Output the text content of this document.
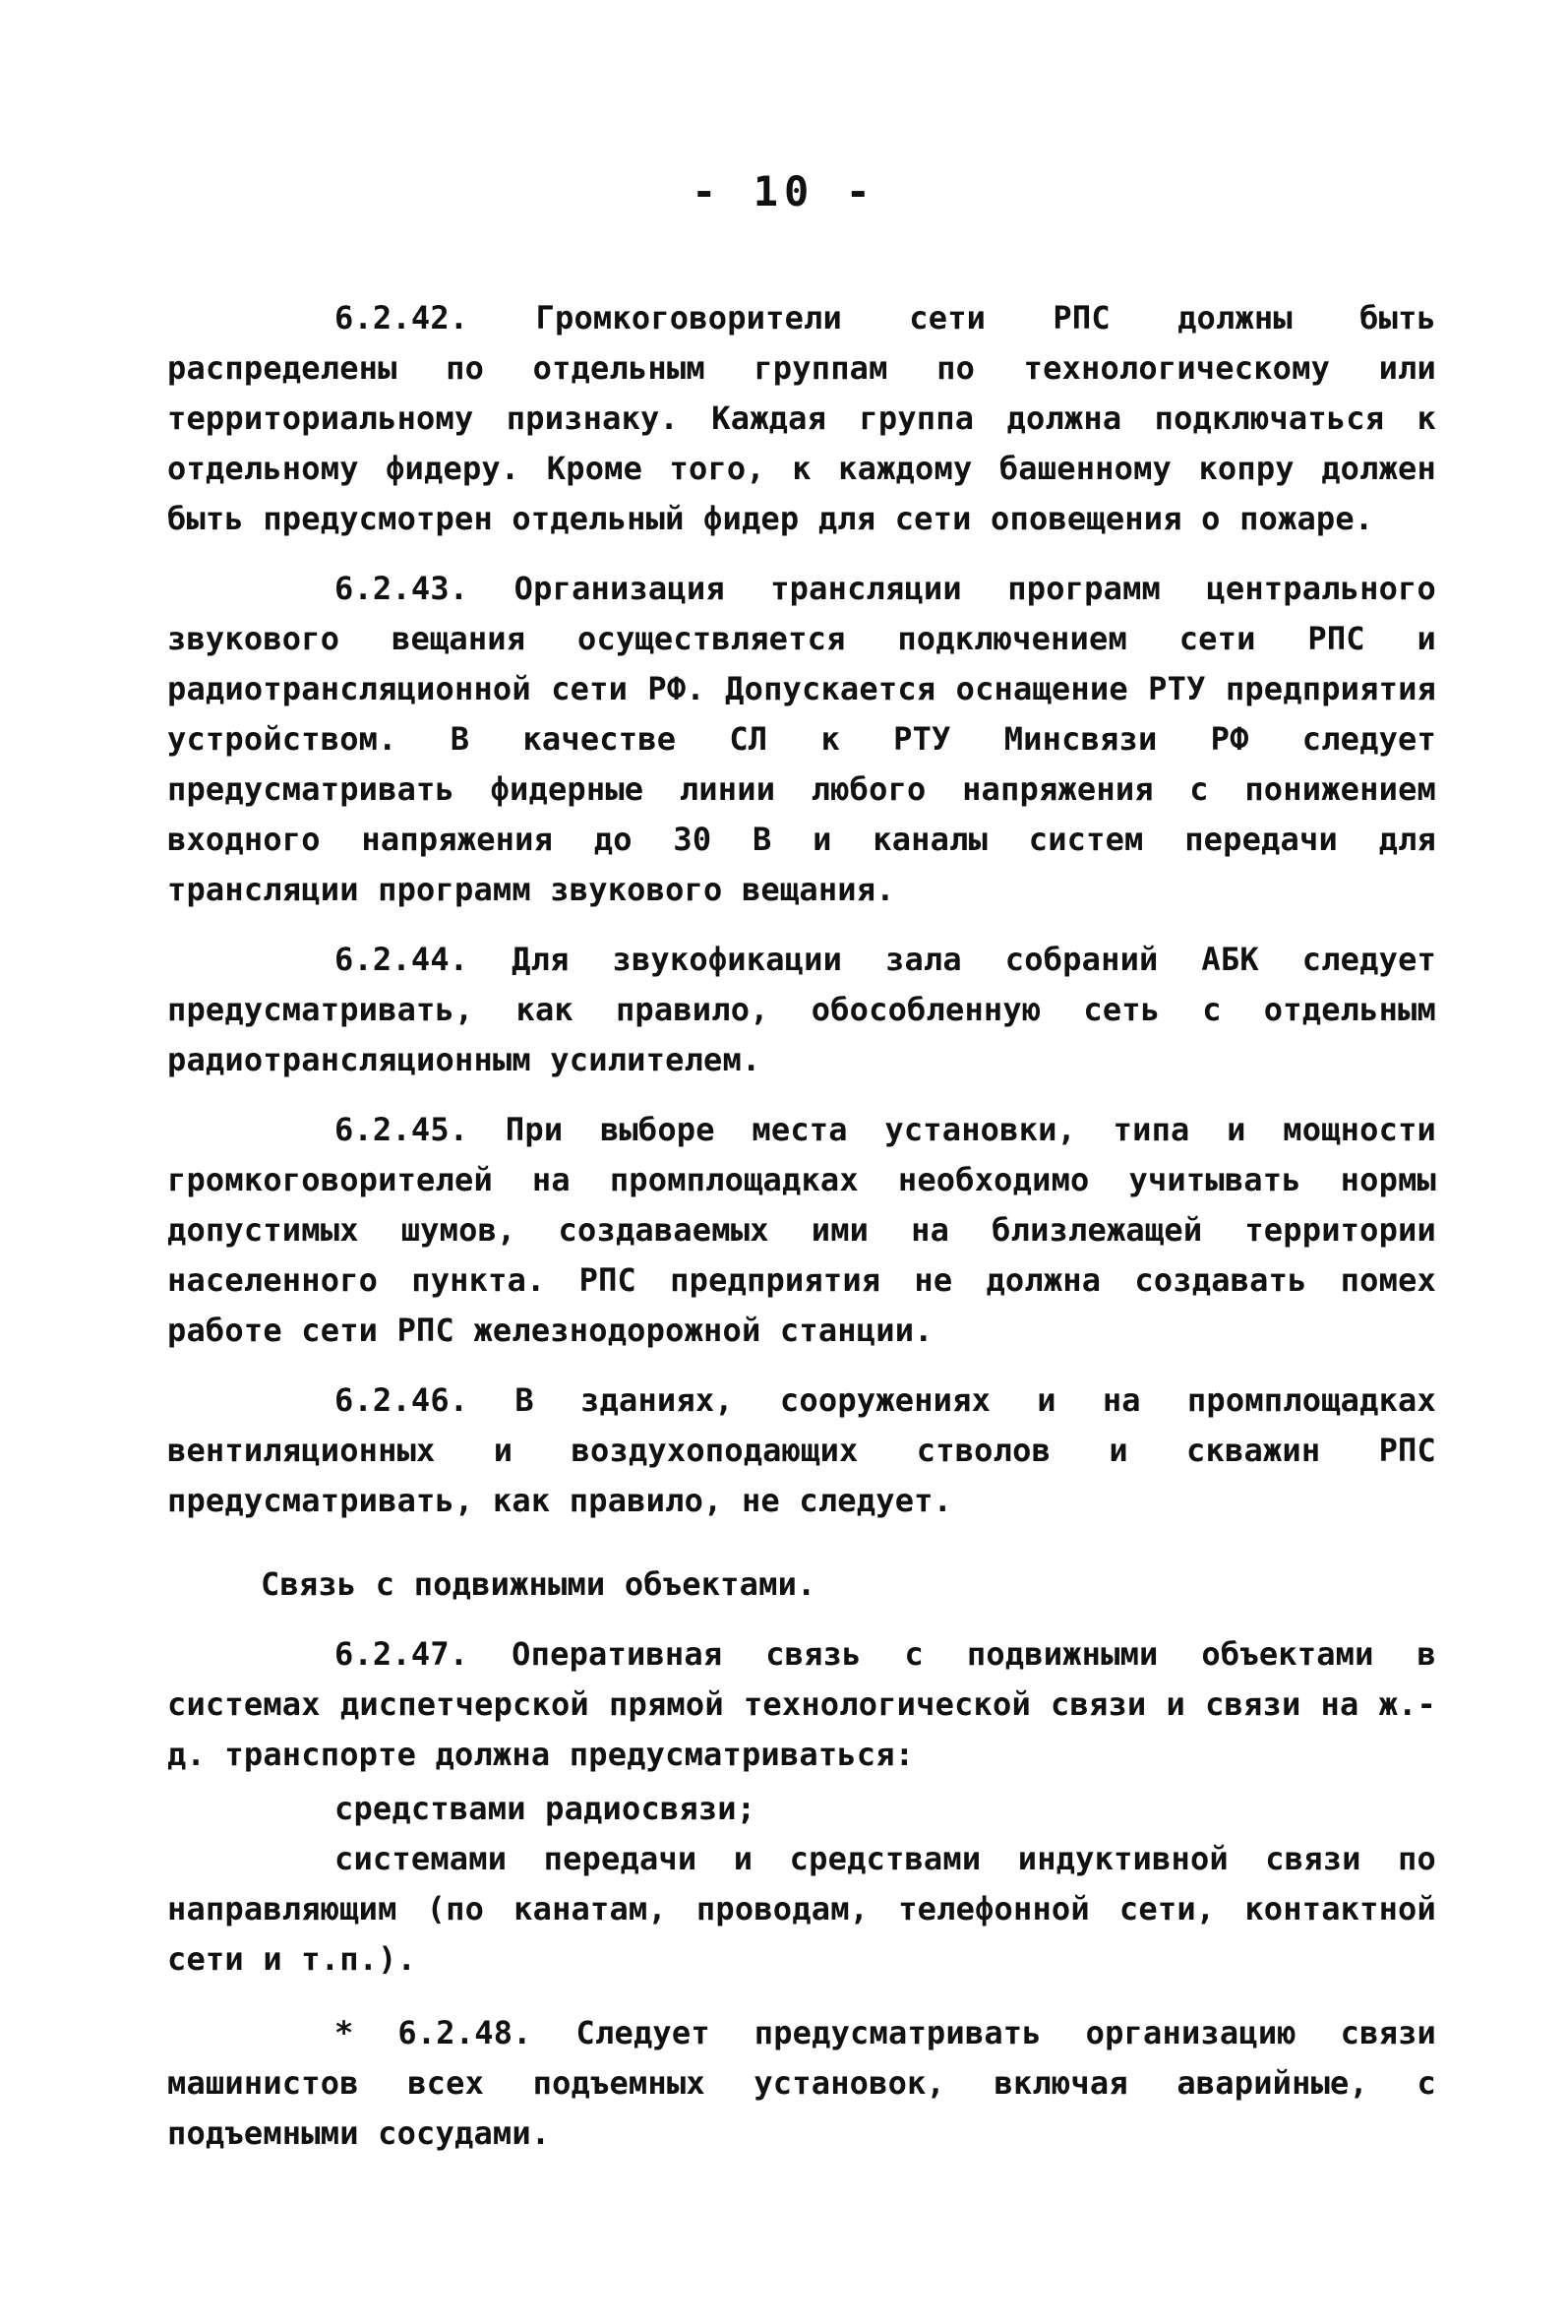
- 10 -

6.2.42. Громкоговорители сети РПС должны быть распределены по отдельным группам по технологическому или территориальному признаку. Каждая группа должна подключаться к отдельному фидеру. Кроме того, к каждому башенному копру должен быть предусмотрен отдельный фидер для сети оповещения о пожаре.

6.2.43. Организация трансляции программ центрального звукового вещания осуществляется подключением сети РПС и радиотрансляционной сети РФ. Допускается оснащение РТУ предприятия устройством. В качестве СЛ к РТУ Минсвязи РФ следует предусматривать фидерные линии любого напряжения с понижением входного напряжения до 30 В и каналы систем передачи для трансляции программ звукового вещания.

6.2.44. Для звукофикации зала собраний АБК следует предусматривать, как правило, обособленную сеть с отдельным радиотрансляционным усилителем.

6.2.45. При выборе места установки, типа и мощности громкоговорителей на промплощадках необходимо учитывать нормы допустимых шумов, создаваемых ими на близлежащей территории населенного пункта. РПС предприятия не должна создавать помех работе сети РПС железнодорожной станции.

6.2.46. В зданиях, сооружениях и на промплощадках вентиляционных и воздухоподающих стволов и скважин РПС предусматривать, как правило, не следует.

Связь с подвижными объектами.

6.2.47. Оперативная связь с подвижными объектами в системах диспетчерской прямой технологической связи и связи на ж.-д. транспорте должна предусматриваться:

средствами радиосвязи;

системами передачи и средствами индуктивной связи по направляющим (по канатам, проводам, телефонной сети, контактной сети и т.п.).

* 6.2.48. Следует предусматривать организацию связи машинистов всех подъемных установок, включая аварийные, с подъемными сосудами.
